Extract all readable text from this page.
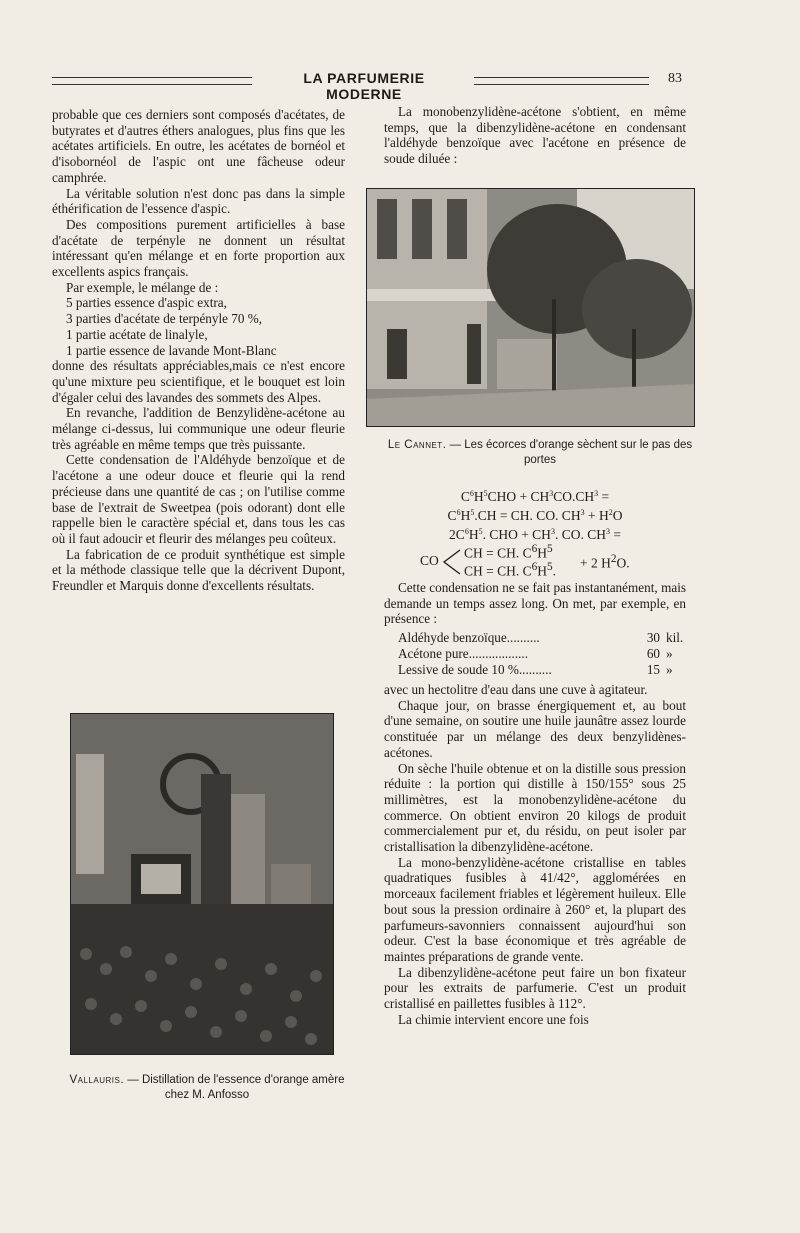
LA PARFUMERIE MODERNE
83

probable que ces derniers sont composés d'acétates, de butyrates et d'autres éthers analogues, plus fins que les acétates artificiels. En outre, les acétates de bornéol et d'isobornéol de l'aspic ont une fâcheuse odeur camphrée.

La véritable solution n'est donc pas dans la simple éthérification de l'essence d'aspic.

Des compositions purement artificielles à base d'acétate de terpényle ne donnent un résultat intéressant qu'en mélange et en forte proportion aux excellents aspics français.

Par exemple, le mélange de :

5 parties essence d'aspic extra,

3 parties d'acétate de terpényle 70 %,

1 partie acétate de linalyle,

1 partie essence de lavande Mont-Blanc

donne des résultats appréciables,mais ce n'est encore qu'une mixture peu scientifique, et le bouquet est loin d'égaler celui des lavandes des sommets des Alpes.

En revanche, l'addition de Benzylidène-acétone au mélange ci-dessus, lui communique une odeur fleurie très agréable en même temps que très puissante.

Cette condensation de l'Aldéhyde benzoïque et de l'acétone a une odeur douce et fleurie qui la rend précieuse dans une quantité de cas ; on l'utilise comme base de l'extrait de Sweetpea (pois odorant) dont elle rappelle bien le caractère spécial et, dans tous les cas où il faut adoucir et fleurir des mélanges peu coûteux.

La fabrication de ce produit synthétique est simple et la méthode classique telle que la décrivent Dupont, Freundler et Marquis donne d'excellents résultats.

Vallauris. — Distillation de l'essence d'orange amère chez M. Anfosso

La monobenzylidène-acétone s'obtient, en même temps, que la dibenzylidène-acétone en condensant l'aldéhyde benzoïque avec l'acétone en présence de soude diluée :

Le Cannet. — Les écorces d'orange sèchent sur le pas des portes
$C^6H^5CHO + CH^3CO.CH^3$ =
$C^6H^5.CH$ = CH. CO. $CH^3 + H^2O$
$2C^6H^5$. CHO + $CH^3$. CO. $CH^3$ =
CO CH = CH. $C^6H^5$
CH = CH. $C^6H^5$.
+ 2 $H^2O$.

Cette condensation ne se fait pas instantanément, mais demande un temps assez long. On met, par exemple, en présence :

Aldéhyde benzoïque..........	30 kil.
Acétone pure..................	60 »
Lessive de soude 10 %..........	15 »

avec un hectolitre d'eau dans une cuve à agitateur.

Chaque jour, on brasse énergiquement et, au bout d'une semaine, on soutire une huile jaunâtre assez lourde constituée par un mélange des deux benzylidènes-acétones.

On sèche l'huile obtenue et on la distille sous pression réduite : la portion qui distille à 150/155° sous 25 millimètres, est la monobenzylidène-acétone du commerce. On obtient environ 20 kilogs de produit commercialement pur et, du résidu, on peut isoler par cristallisation la dibenzylidène-acétone.

La mono-benzylidène-acétone cristallise en tables quadratiques fusibles à 41/42°, agglomérées en morceaux facilement friables et légèrement huileux. Elle bout sous la pression ordinaire à 260° et, la plupart des parfumeurs-savonniers connaissent aujourd'hui son odeur. C'est la base économique et très agréable de maintes préparations de grande vente.

La dibenzylidène-acétone peut faire un bon fixateur pour les extraits de parfumerie. C'est un produit cristallisé en paillettes fusibles à 112°.

La chimie intervient encore une fois
